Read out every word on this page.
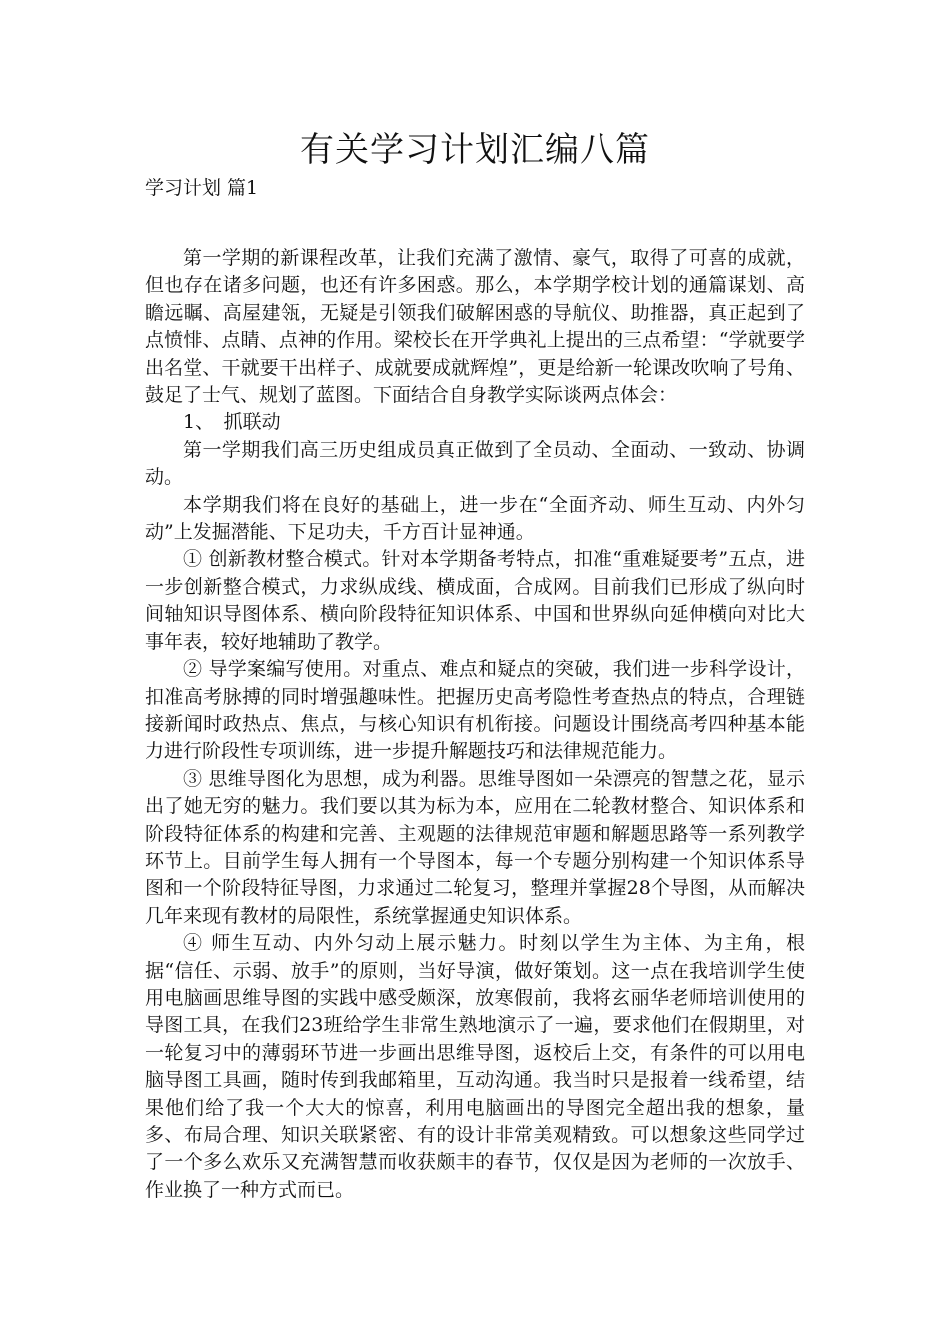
有关学习计划汇编八篇
学习计划 篇1

第一学期的新课程改革，让我们充满了激情、豪气，取得了可喜的成就，但也存在诸多问题，也还有许多困惑。那么，本学期学校计划的通篇谋划、高瞻远瞩、高屋建瓴，无疑是引领我们破解困惑的导航仪、助推器，真正起到了点愤悱、点睛、点神的作用。梁校长在开学典礼上提出的三点希望：“学就要学出名堂、干就要干出样子、成就要成就辉煌”，更是给新一轮课改吹响了号角、鼓足了士气、规划了蓝图。下面结合自身教学实际谈两点体会：

1、　抓联动

第一学期我们高三历史组成员真正做到了全员动、全面动、一致动、协调动。

本学期我们将在良好的基础上，进一步在“全面齐动、师生互动、内外匀动”上发掘潜能、下足功夫，千方百计显神通。

① 创新教材整合模式。针对本学期备考特点，扣准“重难疑要考”五点，进一步创新整合模式，力求纵成线、横成面，合成网。目前我们已形成了纵向时间轴知识导图体系、横向阶段特征知识体系、中国和世界纵向延伸横向对比大事年表，较好地辅助了教学。

② 导学案编写使用。对重点、难点和疑点的突破，我们进一步科学设计，扣准高考脉搏的同时增强趣味性。把握历史高考隐性考查热点的特点，合理链接新闻时政热点、焦点，与核心知识有机衔接。问题设计围绕高考四种基本能力进行阶段性专项训练，进一步提升解题技巧和法律规范能力。

③ 思维导图化为思想，成为利器。思维导图如一朵漂亮的智慧之花，显示出了她无穷的魅力。我们要以其为标为本，应用在二轮教材整合、知识体系和阶段特征体系的构建和完善、主观题的法律规范审题和解题思路等一系列教学环节上。目前学生每人拥有一个导图本，每一个专题分别构建一个知识体系导图和一个阶段特征导图，力求通过二轮复习，整理并掌握28个导图，从而解决几年来现有教材的局限性，系统掌握通史知识体系。

④ 师生互动、内外匀动上展示魅力。时刻以学生为主体、为主角，根据“信任、示弱、放手”的原则，当好导演，做好策划。这一点在我培训学生使用电脑画思维导图的实践中感受颇深，放寒假前，我将玄丽华老师培训使用的导图工具，在我们23班给学生非常生熟地演示了一遍，要求他们在假期里，对一轮复习中的薄弱环节进一步画出思维导图，返校后上交，有条件的可以用电脑导图工具画，随时传到我邮箱里，互动沟通。我当时只是报着一线希望，结果他们给了我一个大大的惊喜，利用电脑画出的导图完全超出我的想象，量多、布局合理、知识关联紧密、有的设计非常美观精致。可以想象这些同学过了一个多么欢乐又充满智慧而收获颇丰的春节，仅仅是因为老师的一次放手、作业换了一种方式而已。
